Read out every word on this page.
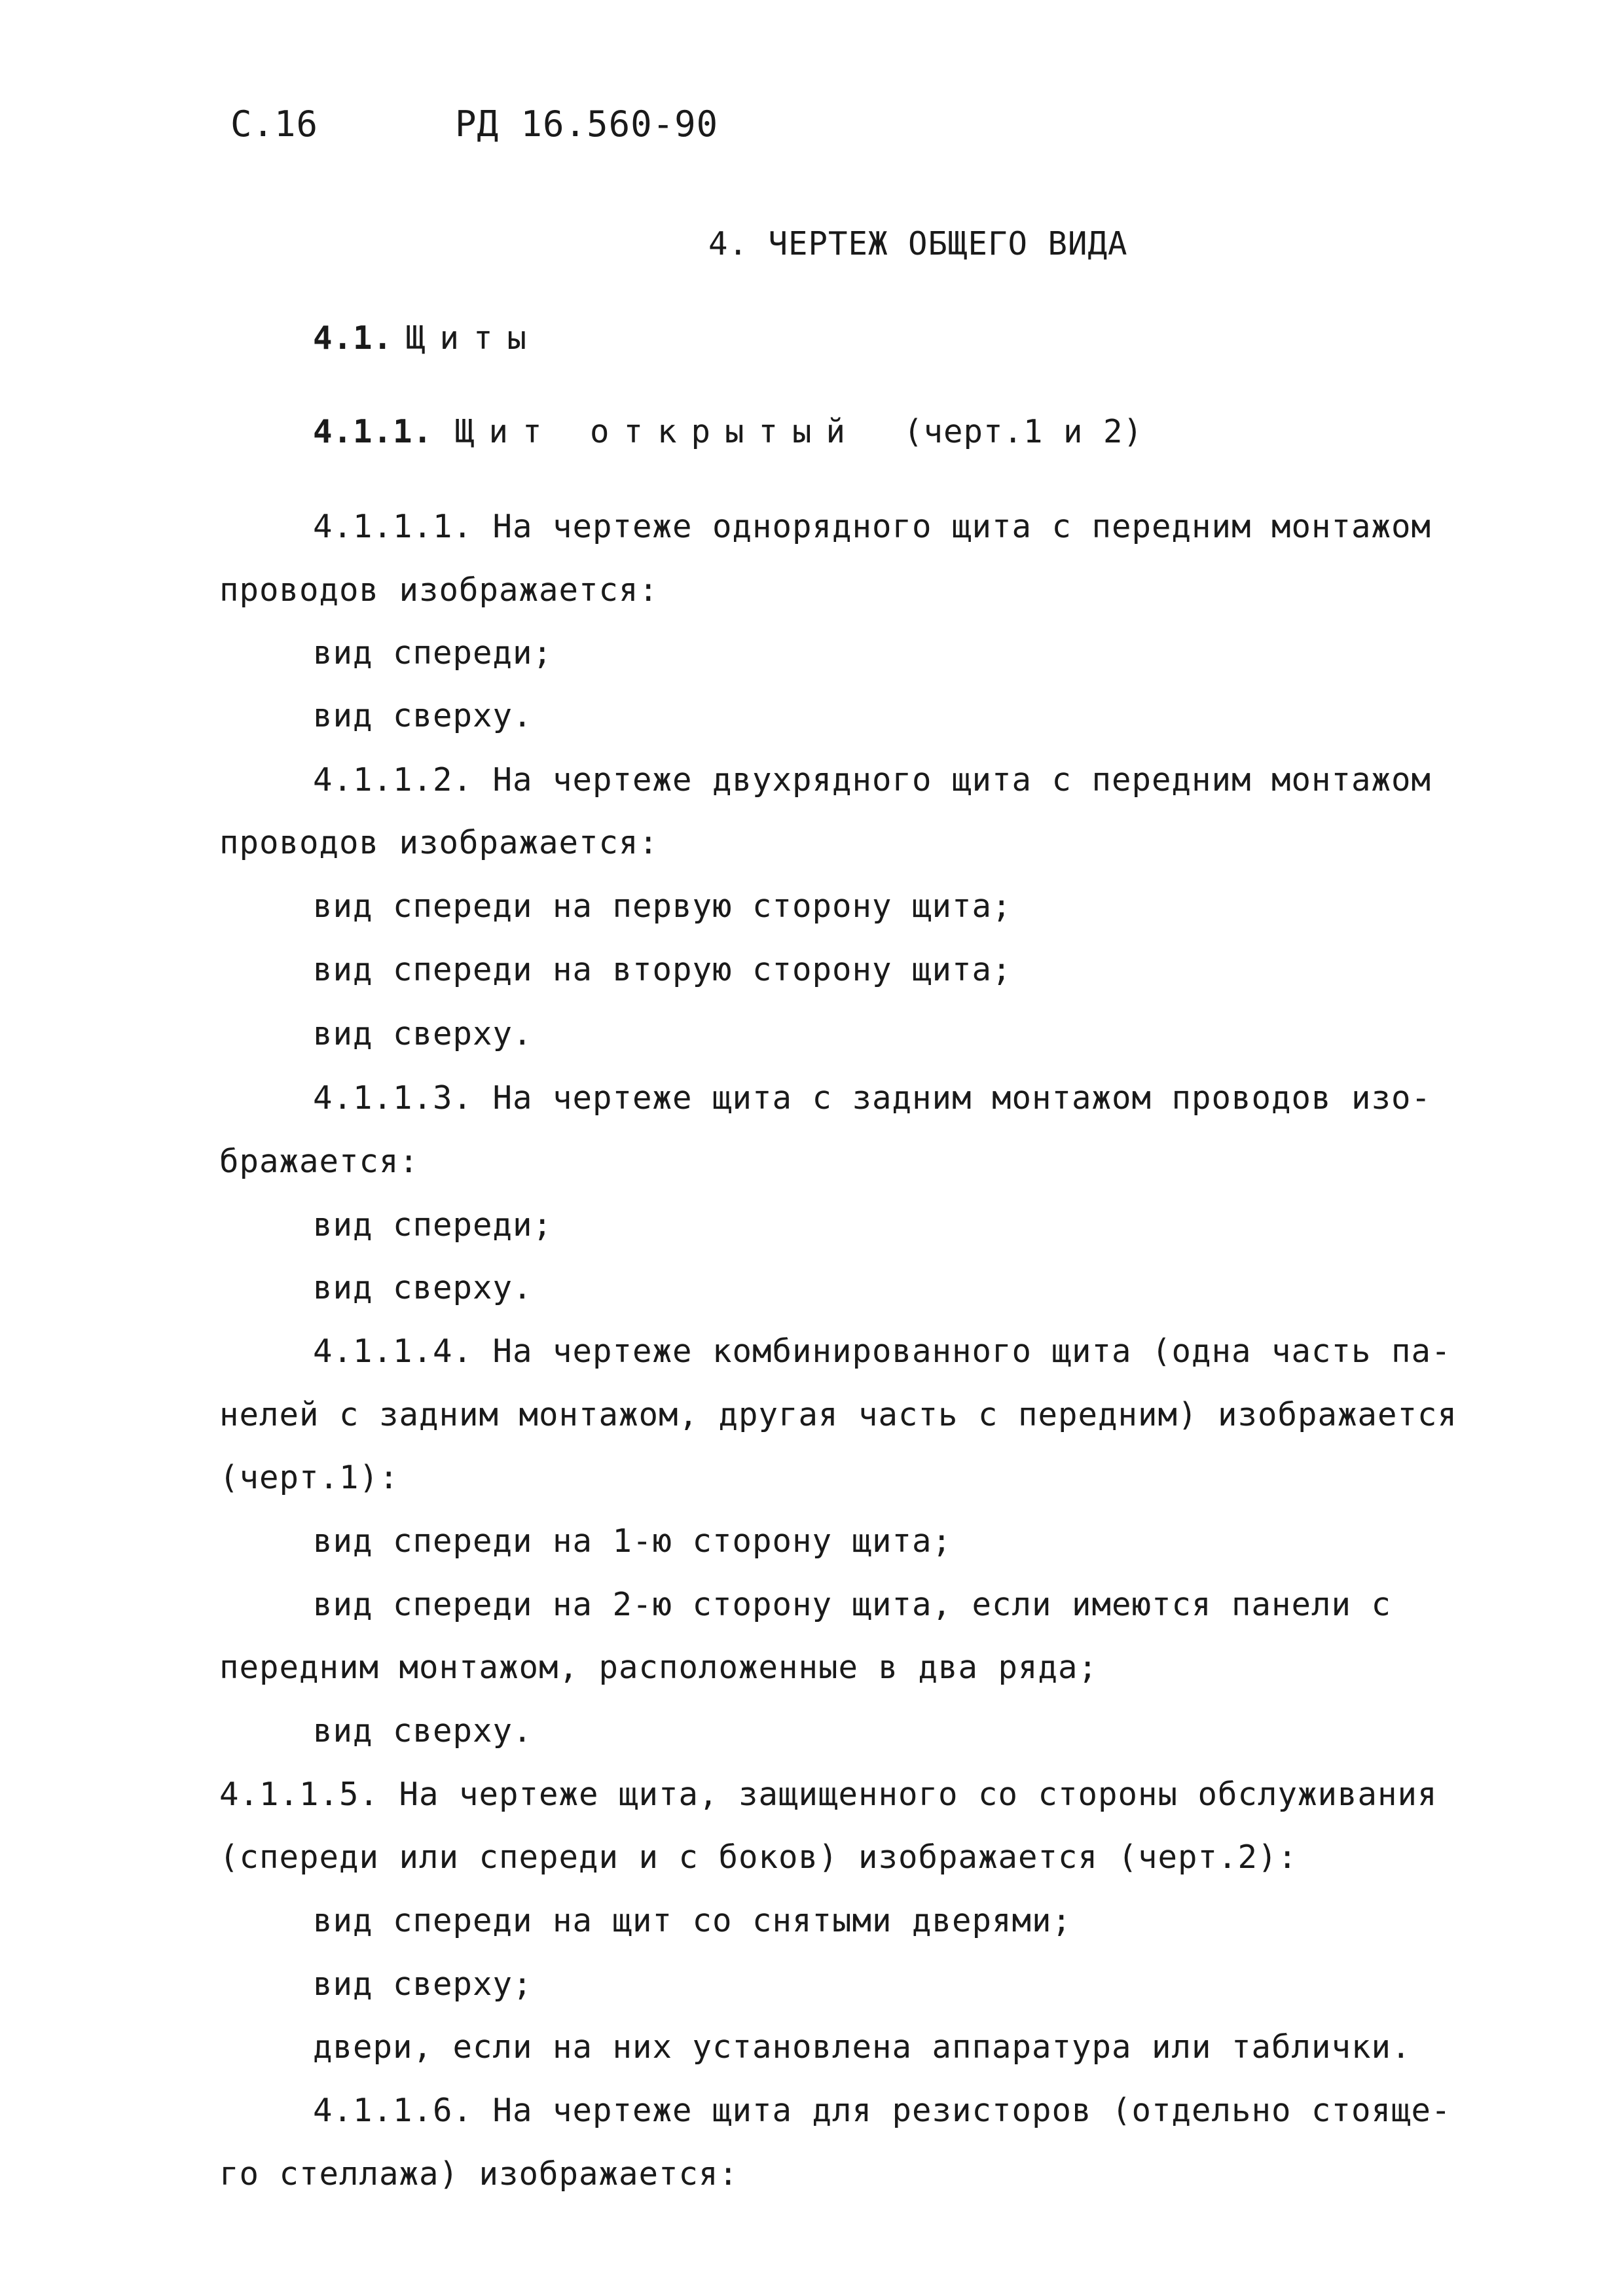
С.16	РД 16.560-90
4. ЧЕРТЕЖ ОБЩЕГО ВИДА
4.1. Щиты
4.1.1. Щит открытый (черт.1 и 2)
4.1.1.1. На чертеже однорядного щита с передним монтажом
проводов изображается:
вид спереди;
вид сверху.
4.1.1.2. На чертеже двухрядного щита с передним монтажом
проводов изображается:
вид спереди на первую сторону щита;
вид спереди на вторую сторону щита;
вид сверху.
4.1.1.3. На чертеже щита с задним монтажом проводов изо-
бражается:
вид спереди;
вид сверху.
4.1.1.4. На чертеже комбинированного щита (одна часть па-
нелей с задним монтажом, другая часть с передним) изображается
(черт.1):
вид спереди на 1-ю сторону щита;
вид спереди на 2-ю сторону щита, если имеются панели с
передним монтажом, расположенные в два ряда;
вид сверху.
4.1.1.5. На чертеже щита, защищенного со стороны обслуживания
(спереди или спереди и с боков) изображается (черт.2):
вид спереди на щит со снятыми дверями;
вид сверху;
двери, если на них установлена аппаратура или таблички.
4.1.1.6. На чертеже щита для резисторов (отдельно стояще-
го стеллажа) изображается:
